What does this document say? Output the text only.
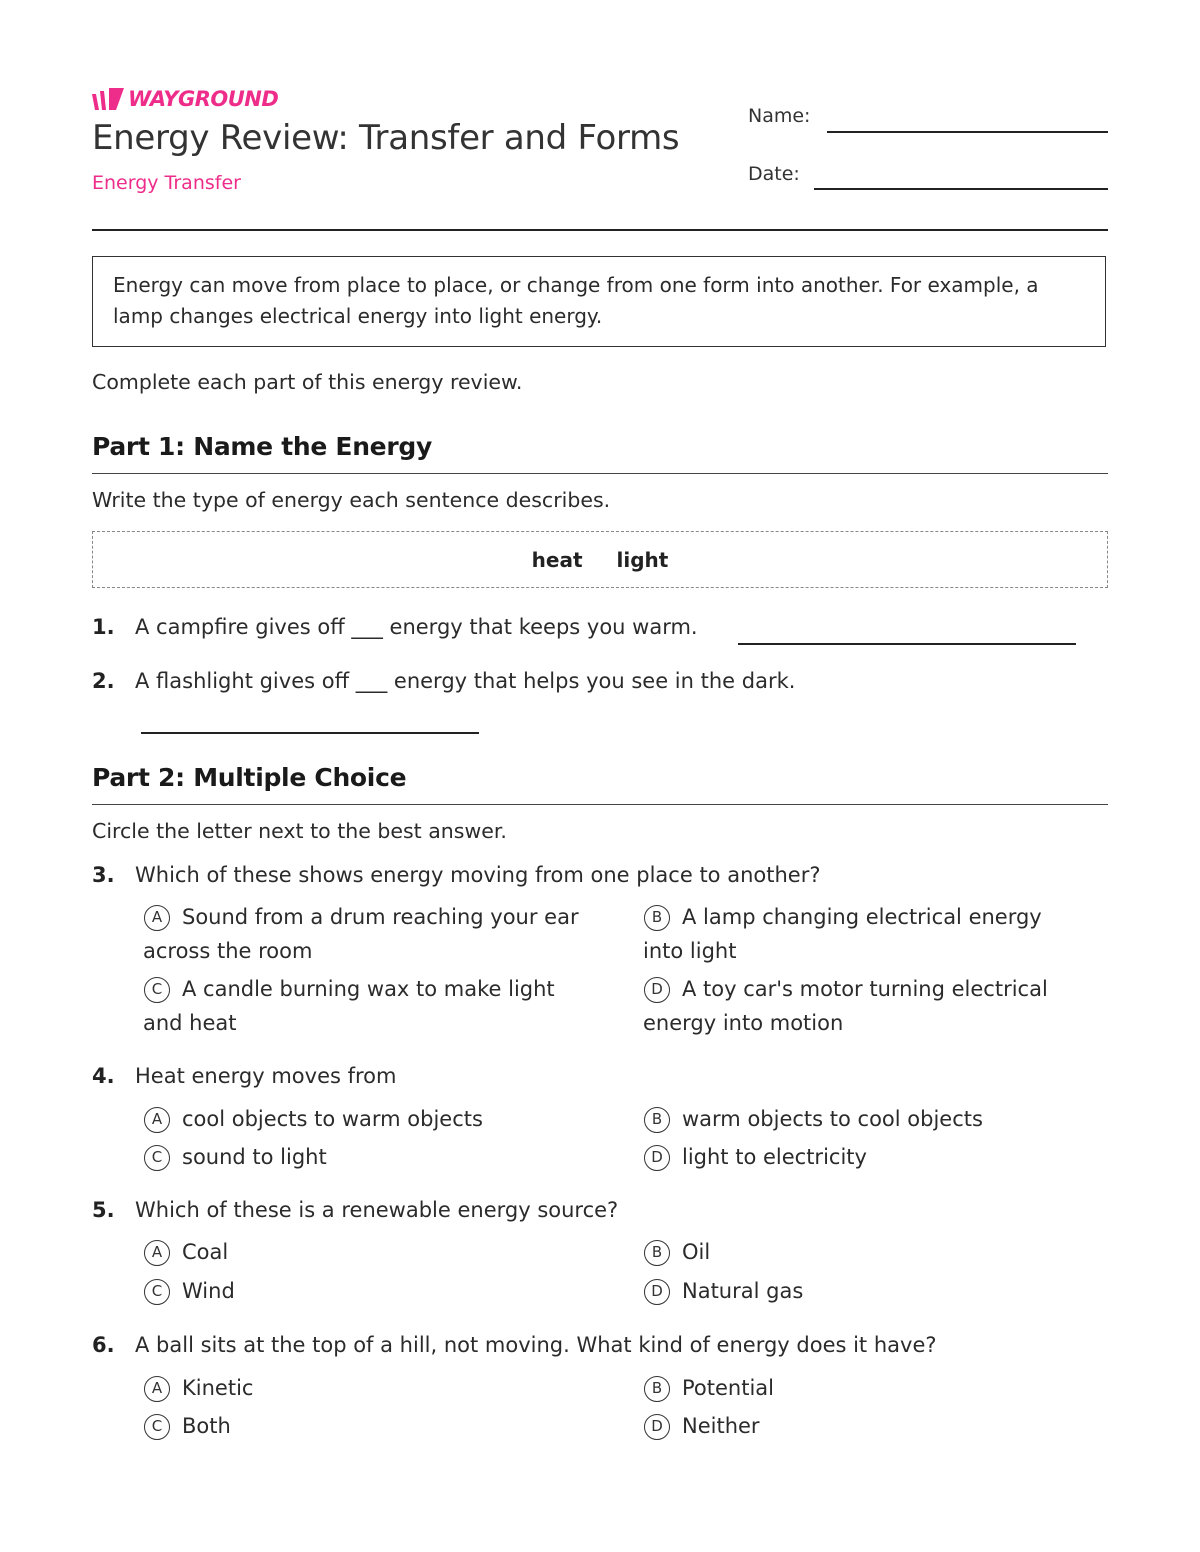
WAYGROUND
Energy Review: Transfer and Forms
Energy Transfer
Name:
Date:
Energy can move from place to place, or change from one form into another. For example, a lamp changes electrical energy into light energy.
Complete each part of this energy review.
Part 1: Name the Energy
Write the type of energy each sentence describes.
heat light
1. A campfire gives off ___ energy that keeps you warm.
2. A flashlight gives off ___ energy that helps you see in the dark.
Part 2: Multiple Choice
Circle the letter next to the best answer.
3. Which of these shows energy moving from one place to another?
A Sound from a drum reaching your ear across the room
B A lamp changing electrical energy into light
C A candle burning wax to make light and heat
D A toy car's motor turning electrical energy into motion
4. Heat energy moves from
A cool objects to warm objects	B warm objects to cool objects
C sound to light	D light to electricity
5. Which of these is a renewable energy source?
A Coal	B Oil
C Wind	D Natural gas
6. A ball sits at the top of a hill, not moving. What kind of energy does it have?
A Kinetic	B Potential
C Both	D Neither
